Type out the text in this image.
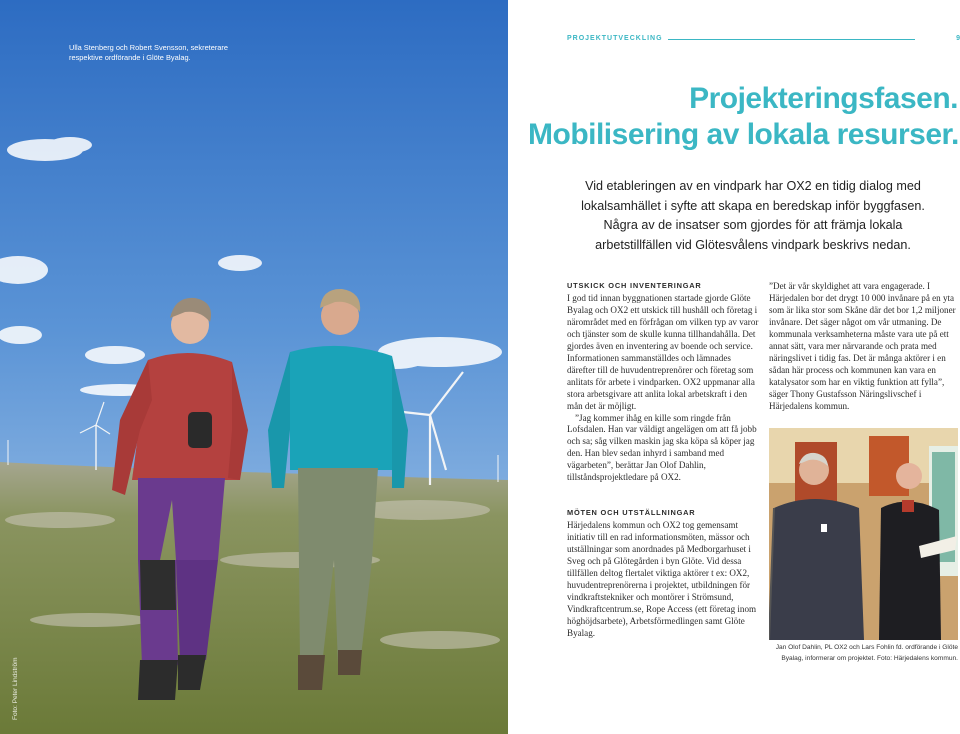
Ulla Stenberg och Robert Svensson, sekreterare respektive ordförande i Glöte Byalag.
Foto: Peter Lindström
PROJEKTUTVECKLING	9
Projekteringsfasen.
Mobilisering av lokala resurser.
Vid etableringen av en vindpark har OX2 en tidig dialog med
lokalsamhället i syfte att skapa en beredskap inför byggfasen.
Några av de insatser som gjordes för att främja lokala
arbetstillfällen vid Glötesvålens vindpark beskrivs nedan.
UTSKICK OCH INVENTERINGAR

I god tid innan byggnationen startade gjorde Glöte Byalag och OX2 ett utskick till hushåll och företag i närområdet med en förfrågan om vilken typ av varor och tjänster som de skulle kunna tillhandahålla. Det gjordes även en inventering av boende och service. Informationen sammanställdes och lämnades därefter till de huvudentreprenörer och företag som anlitats för arbete i vindparken. OX2 uppmanar alla stora arbetsgivare att anlita lokal arbetskraft i den mån det är möjligt.

”Jag kommer ihåg en kille som ringde från Lofsdalen. Han var väldigt angelägen om att få jobb och sa; såg vilken maskin jag ska köpa så köper jag den. Han blev sedan inhyrd i samband med vägarbeten”, berättar Jan Olof Dahlin, tillståndsprojektledare på OX2.

MÖTEN OCH UTSTÄLLNINGAR

Härjedalens kommun och OX2 tog gemensamt initiativ till en rad informationsmöten, mässor och utställningar som anordnades på Medborgarhuset i Sveg och på Glötegården i byn Glöte. Vid dessa tillfällen deltog flertalet viktiga aktörer t ex: OX2, huvudentreprenörerna i projektet, utbildningen för vindkraftstekniker och montörer i Strömsund, Vindkraftcentrum.se, Rope Access (ett företag inom höghöjdsarbete), Arbetsförmedlingen samt Glöte Byalag.

”Det är vår skyldighet att vara engagerade. I Härjedalen bor det drygt 10 000 invånare på en yta som är lika stor som Skåne där det bor 1,2 miljoner invånare. Det säger något om vår utmaning. De kommunala verksamheterna måste vara ute på ett annat sätt, vara mer närvarande och prata med näringslivet i tidig fas. Det är många aktörer i en sådan här process och kommunen kan vara en katalysator som har en viktig funktion att fylla”, säger Thony Gustafsson Näringslivschef i Härjedalens kommun.

Jan Olof Dahlin, PL OX2 och Lars Fohlin fd. ordförande i Glöte Byalag, informerar om projektet. Foto: Härjedalens kommun.
